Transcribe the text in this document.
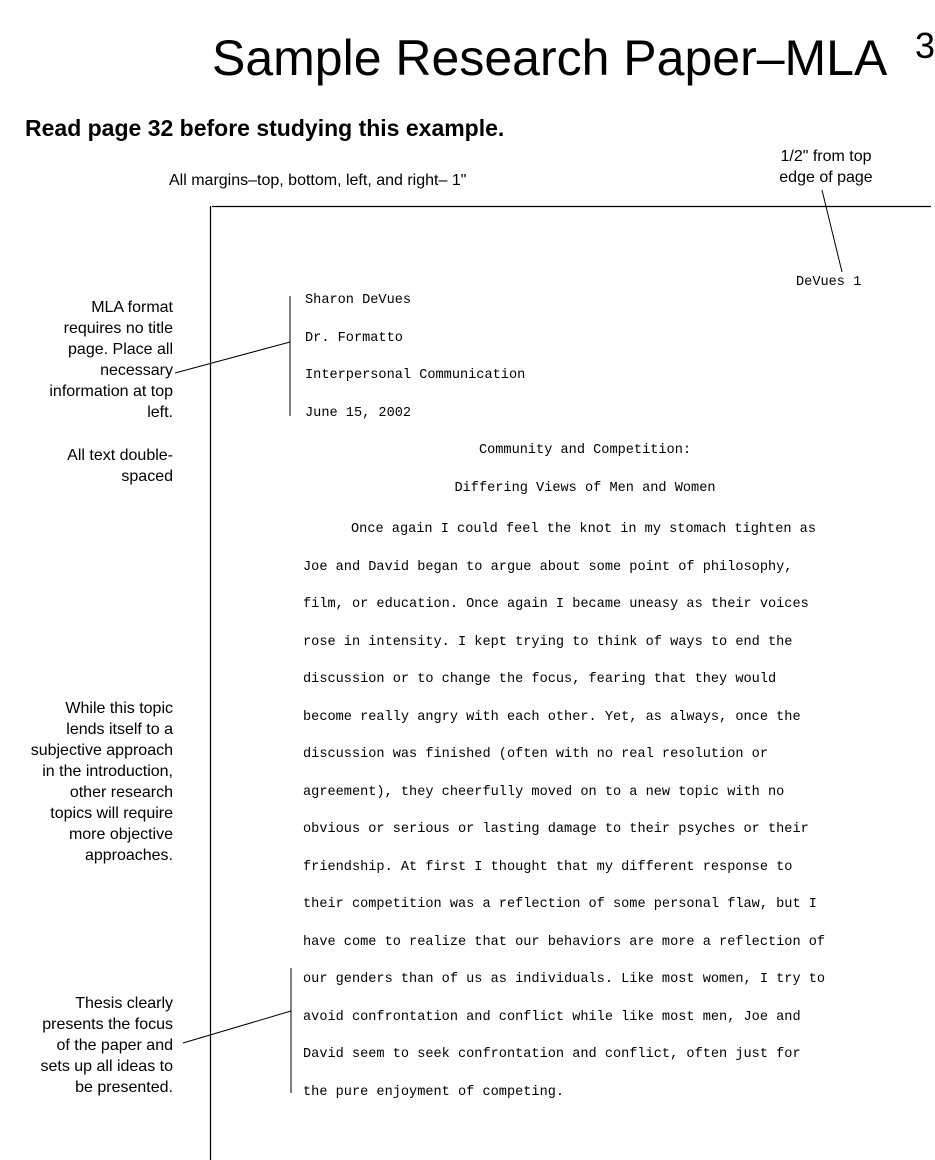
Sample Research Paper–MLA 3
Read page 32 before studying this example.
All margins–top, bottom, left, and right– 1"
1/2" from top
edge of page
MLA format
requires no title
page. Place all
necessary
information at top
left.
All text double-
spaced
While this topic
lends itself to a
subjective approach
in the introduction,
other research
topics will require
more objective
approaches.
Thesis clearly
presents the focus
of the paper and
sets up all ideas to
be presented.
DeVues 1
Sharon DeVues
Dr. Formatto
Interpersonal Communication
June 15, 2002
Community and Competition:
Differing Views of Men and Women
Once again I could feel the knot in my stomach tighten as
Joe and David began to argue about some point of philosophy,
film, or education. Once again I became uneasy as their voices
rose in intensity. I kept trying to think of ways to end the
discussion or to change the focus, fearing that they would
become really angry with each other. Yet, as always, once the
discussion was finished (often with no real resolution or
agreement), they cheerfully moved on to a new topic with no
obvious or serious or lasting damage to their psyches or their
friendship. At first I thought that my different response to
their competition was a reflection of some personal flaw, but I
have come to realize that our behaviors are more a reflection of
our genders than of us as individuals. Like most women, I try to
avoid confrontation and conflict while like most men, Joe and
David seem to seek confrontation and conflict, often just for
the pure enjoyment of competing.
